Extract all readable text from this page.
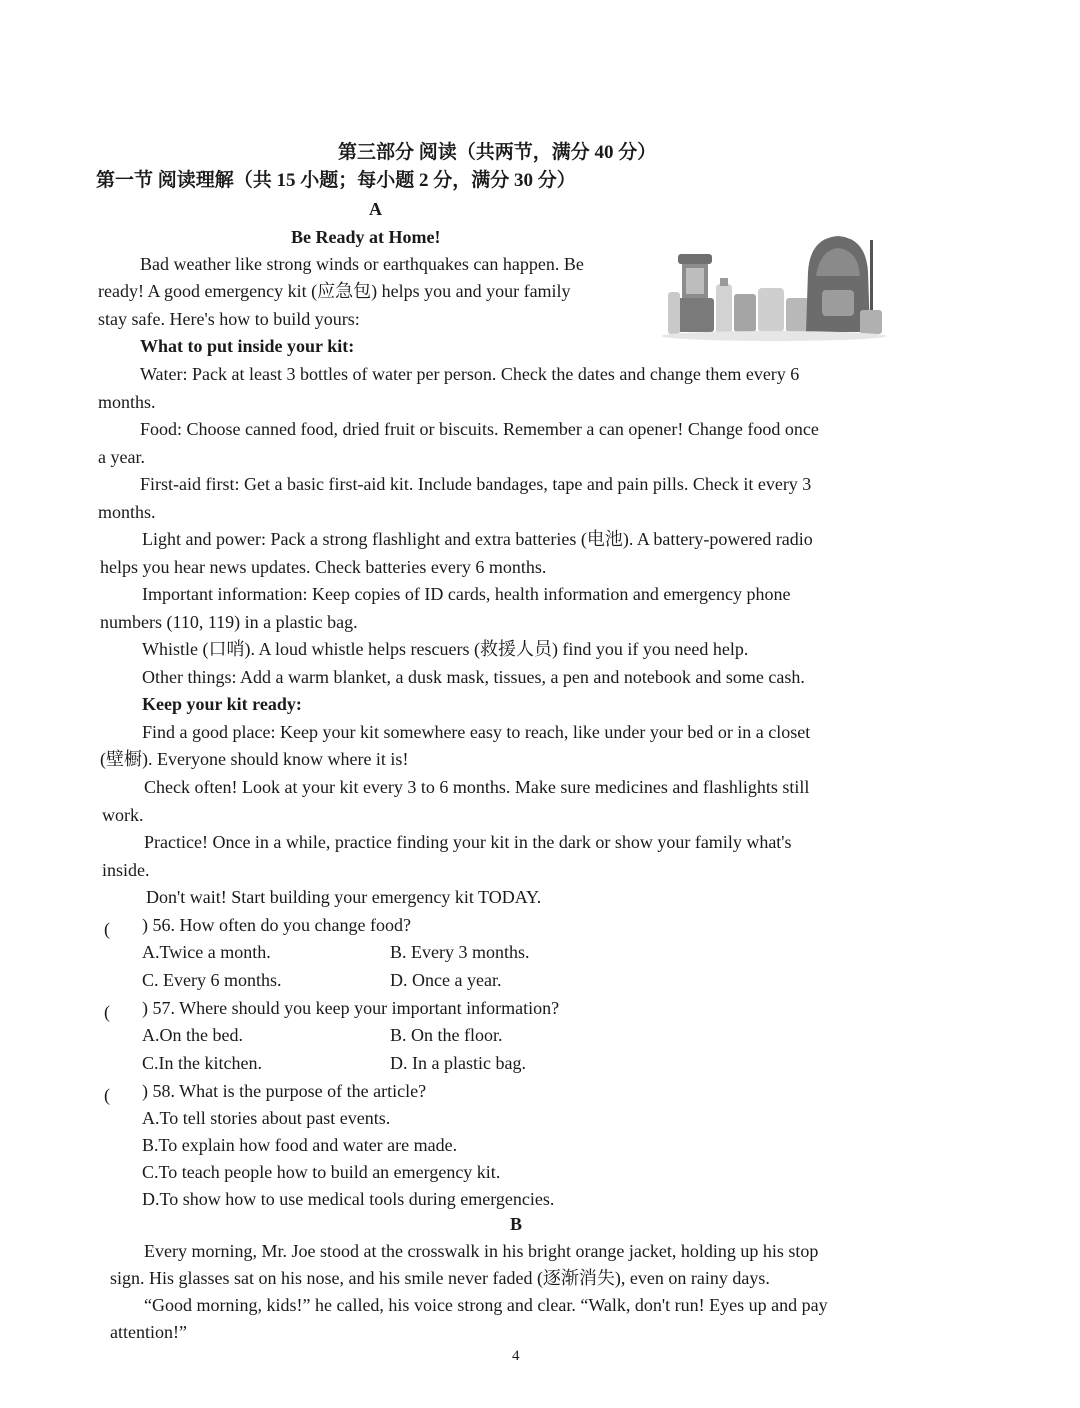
第三部分 阅读（共两节，满分 40 分）
第一节 阅读理解（共 15 小题；每小题 2 分，满分 30 分）
A
Be Ready at Home!
Bad weather like strong winds or earthquakes can happen. Be
ready! A good emergency kit (应急包) helps you and your family
stay safe. Here's how to build yours:
What to put inside your kit:
Water: Pack at least 3 bottles of water per person. Check the dates and change them every 6
months.
Food: Choose canned food, dried fruit or biscuits. Remember a can opener! Change food once
a year.
First-aid first: Get a basic first-aid kit. Include bandages, tape and pain pills. Check it every 3
months.
Light and power: Pack a strong flashlight and extra batteries (电池). A battery-powered radio
helps you hear news updates. Check batteries every 6 months.
Important information: Keep copies of ID cards, health information and emergency phone
numbers (110, 119) in a plastic bag.
Whistle (口哨). A loud whistle helps rescuers (救援人员) find you if you need help.
Other things: Add a warm blanket, a dusk mask, tissues, a pen and notebook and some cash.
Keep your kit ready:
Find a good place: Keep your kit somewhere easy to reach, like under your bed or in a closet
(壁橱). Everyone should know where it is!
Check often! Look at your kit every 3 to 6 months. Make sure medicines and flashlights still
work.
Practice! Once in a while, practice finding your kit in the dark or show your family what's
inside.
Don't wait! Start building your emergency kit TODAY.
( ) 56. How often do you change food?
A.Twice a month.	B. Every 3 months.
C. Every 6 months.	D. Once a year.
( ) 57. Where should you keep your important information?
A.On the bed.	B. On the floor.
C.In the kitchen.	D. In a plastic bag.
( ) 58. What is the purpose of the article?
A.To tell stories about past events.
B.To explain how food and water are made.
C.To teach people how to build an emergency kit.
D.To show how to use medical tools during emergencies.
B
Every morning, Mr. Joe stood at the crosswalk in his bright orange jacket, holding up his stop
sign. His glasses sat on his nose, and his smile never faded (逐渐消失), even on rainy days.
“Good morning, kids!” he called, his voice strong and clear. “Walk, don't run! Eyes up and pay
attention!”
4
